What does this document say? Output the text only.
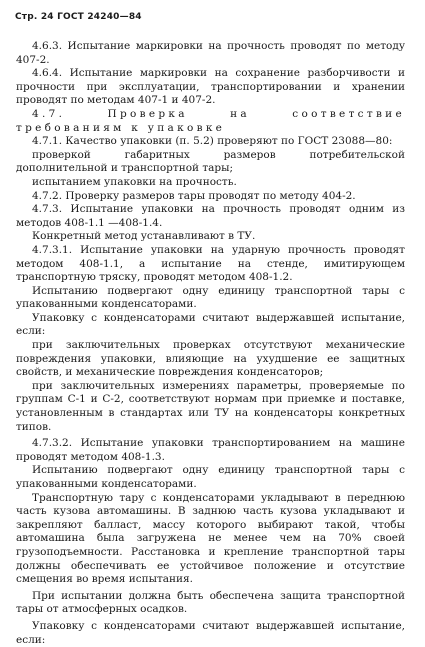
Стр. 24 ГОСТ 24240—84

4.6.3. Испытание маркировки на прочность проводят по методу 407-2.

4.6.4. Испытание маркировки на сохранение разборчивости и прочности при эксплуатации, транспортировании и хранении проводят по методам 407-1 и 407-2.

4.7. Проверка на соответствие требованиям к упаковке

4.7.1. Качество упаковки (п. 5.2) проверяют по ГОСТ 23088—80:

проверкой габаритных размеров потребительской дополнительной и транспортной тары;

испытанием упаковки на прочность.

4.7.2. Проверку размеров тары проводят по методу 404-2.

4.7.3. Испытание упаковки на прочность проводят одним из методов 408-1.1 —408-1.4.

Конкретный метод устанавливают в ТУ.

4.7.3.1. Испытание упаковки на ударную прочность проводят методом 408-1.1, а испытание на стенде, имитирующем транспортную тряску, проводят методом 408-1.2.

Испытанию подвергают одну единицу транспортной тары с упакованными конденсаторами.

Упаковку с конденсаторами считают выдержавшей испытание, если:

при заключительных проверках отсутствуют механические повреждения упаковки, влияющие на ухудшение ее защитных свойств, и механические повреждения конденсаторов;

при заключительных измерениях параметры, проверяемые по группам С-1 и С-2, соответствуют нормам при приемке и поставке, установленным в стандартах или ТУ на конденсаторы конкретных типов.

4.7.3.2. Испытание упаковки транспортированием на машине проводят методом 408-1.3.

Испытанию подвергают одну единицу транспортной тары с упакованными конденсаторами.

Транспортную тару с конденсаторами укладывают в переднюю часть кузова автомашины. В заднюю часть кузова укладывают и закрепляют балласт, массу которого выбирают такой, чтобы автомашина была загружена не менее чем на 70% своей грузоподъемности. Расстановка и крепление транспортной тары должны обеспечивать ее устойчивое положение и отсутствие смещения во время испытания.

При испытании должна быть обеспечена защита транспортной тары от атмосферных осадков.

Упаковку с конденсаторами считают выдержавшей испытание, если:
